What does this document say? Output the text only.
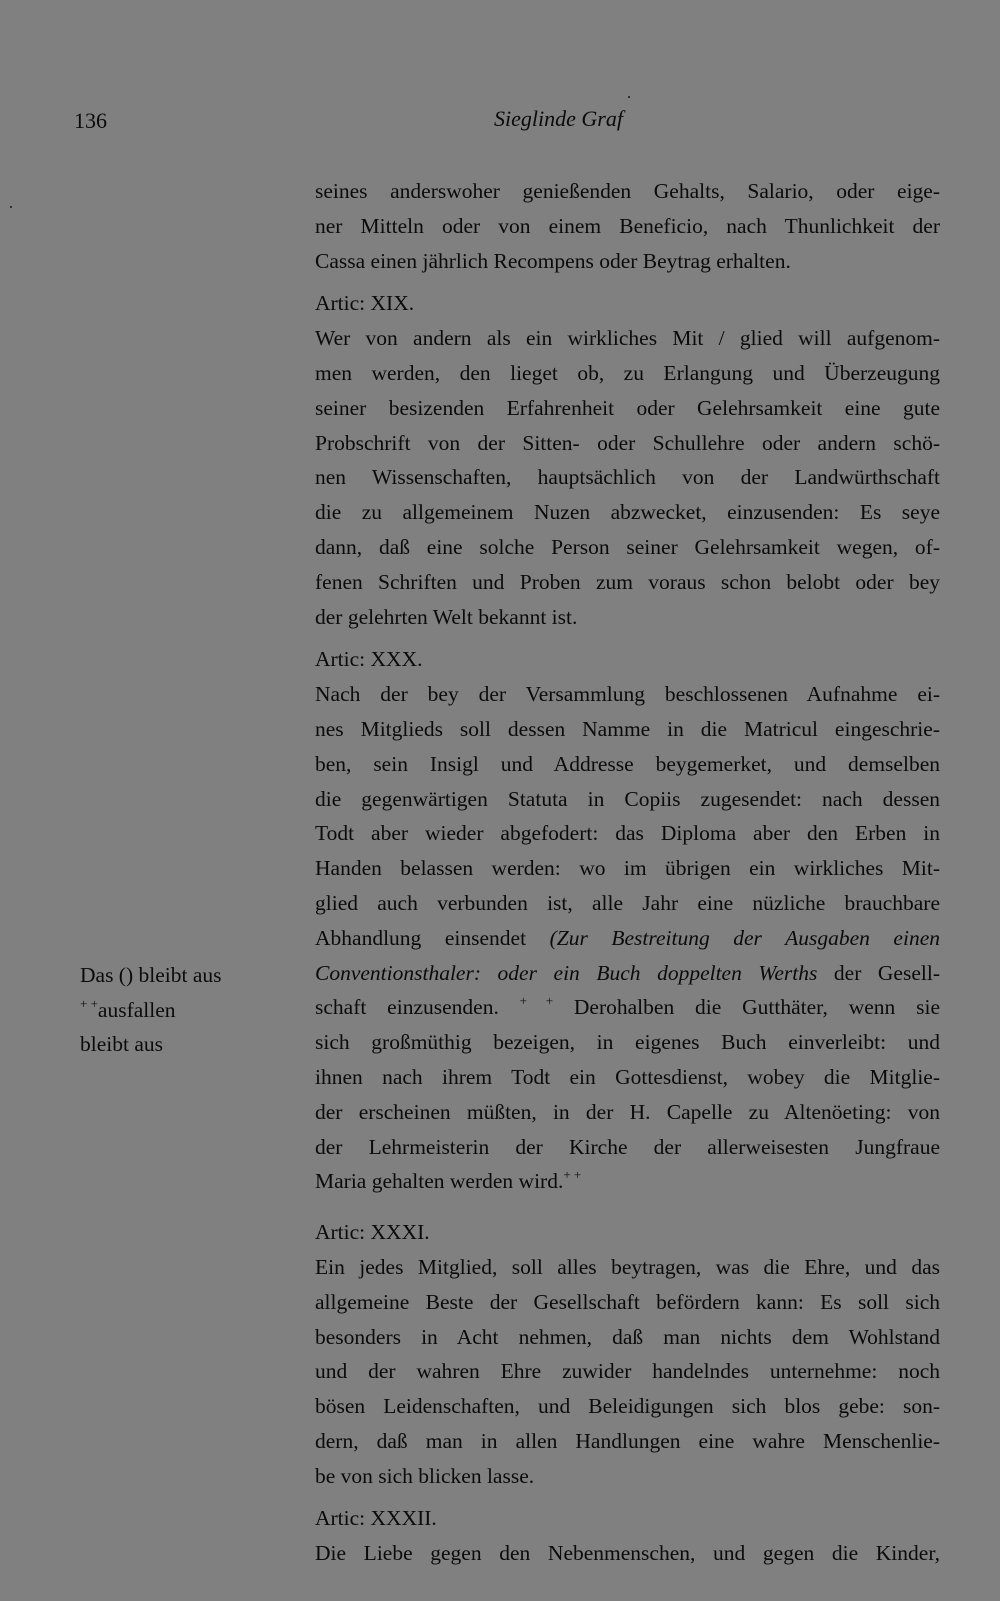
136	Sieglinde Graf
Das () bleibt aus
+ +ausfallen
bleibt aus
seines anderswoher genießenden Gehalts, Salario, oder eige-
ner Mitteln oder von einem Beneficio, nach Thunlichkeit der
Cassa einen jährlich Recompens oder Beytrag erhalten.
Artic: XIX.
Wer von andern als ein wirkliches Mit / glied will aufgenom-
men werden, den lieget ob, zu Erlangung und Überzeugung
seiner besizenden Erfahrenheit oder Gelehrsamkeit eine gute
Probschrift von der Sitten- oder Schullehre oder andern schö-
nen Wissenschaften, hauptsächlich von der Landwürthschaft
die zu allgemeinem Nuzen abzwecket, einzusenden: Es seye
dann, daß eine solche Person seiner Gelehrsamkeit wegen, of-
fenen Schriften und Proben zum voraus schon belobt oder bey
der gelehrten Welt bekannt ist.
Artic: XXX.
Nach der bey der Versammlung beschlossenen Aufnahme ei-
nes Mitglieds soll dessen Namme in die Matricul eingeschrie-
ben, sein Insigl und Addresse beygemerket, und demselben
die gegenwärtigen Statuta in Copiis zugesendet: nach dessen
Todt aber wieder abgefodert: das Diploma aber den Erben in
Handen belassen werden: wo im übrigen ein wirkliches Mit-
glied auch verbunden ist, alle Jahr eine nüzliche brauchbare
Abhandlung einsendet (Zur Bestreitung der Ausgaben einen
Conventionsthaler: oder ein Buch doppelten Werths der Gesell-
schaft einzusenden. + + Derohalben die Gutthäter, wenn sie
sich großmüthig bezeigen, in eigenes Buch einverleibt: und
ihnen nach ihrem Todt ein Gottesdienst, wobey die Mitglie-
der erscheinen müßten, in der H. Capelle zu Altenöeting: von
der Lehrmeisterin der Kirche der allerweisesten Jungfraue
Maria gehalten werden wird.+ +
Artic: XXXI.
Ein jedes Mitglied, soll alles beytragen, was die Ehre, und das
allgemeine Beste der Gesellschaft befördern kann: Es soll sich
besonders in Acht nehmen, daß man nichts dem Wohlstand
und der wahren Ehre zuwider handelndes unternehme: noch
bösen Leidenschaften, und Beleidigungen sich blos gebe: son-
dern, daß man in allen Handlungen eine wahre Menschenlie-
be von sich blicken lasse.
Artic: XXXII.
Die Liebe gegen den Nebenmenschen, und gegen die Kinder,
